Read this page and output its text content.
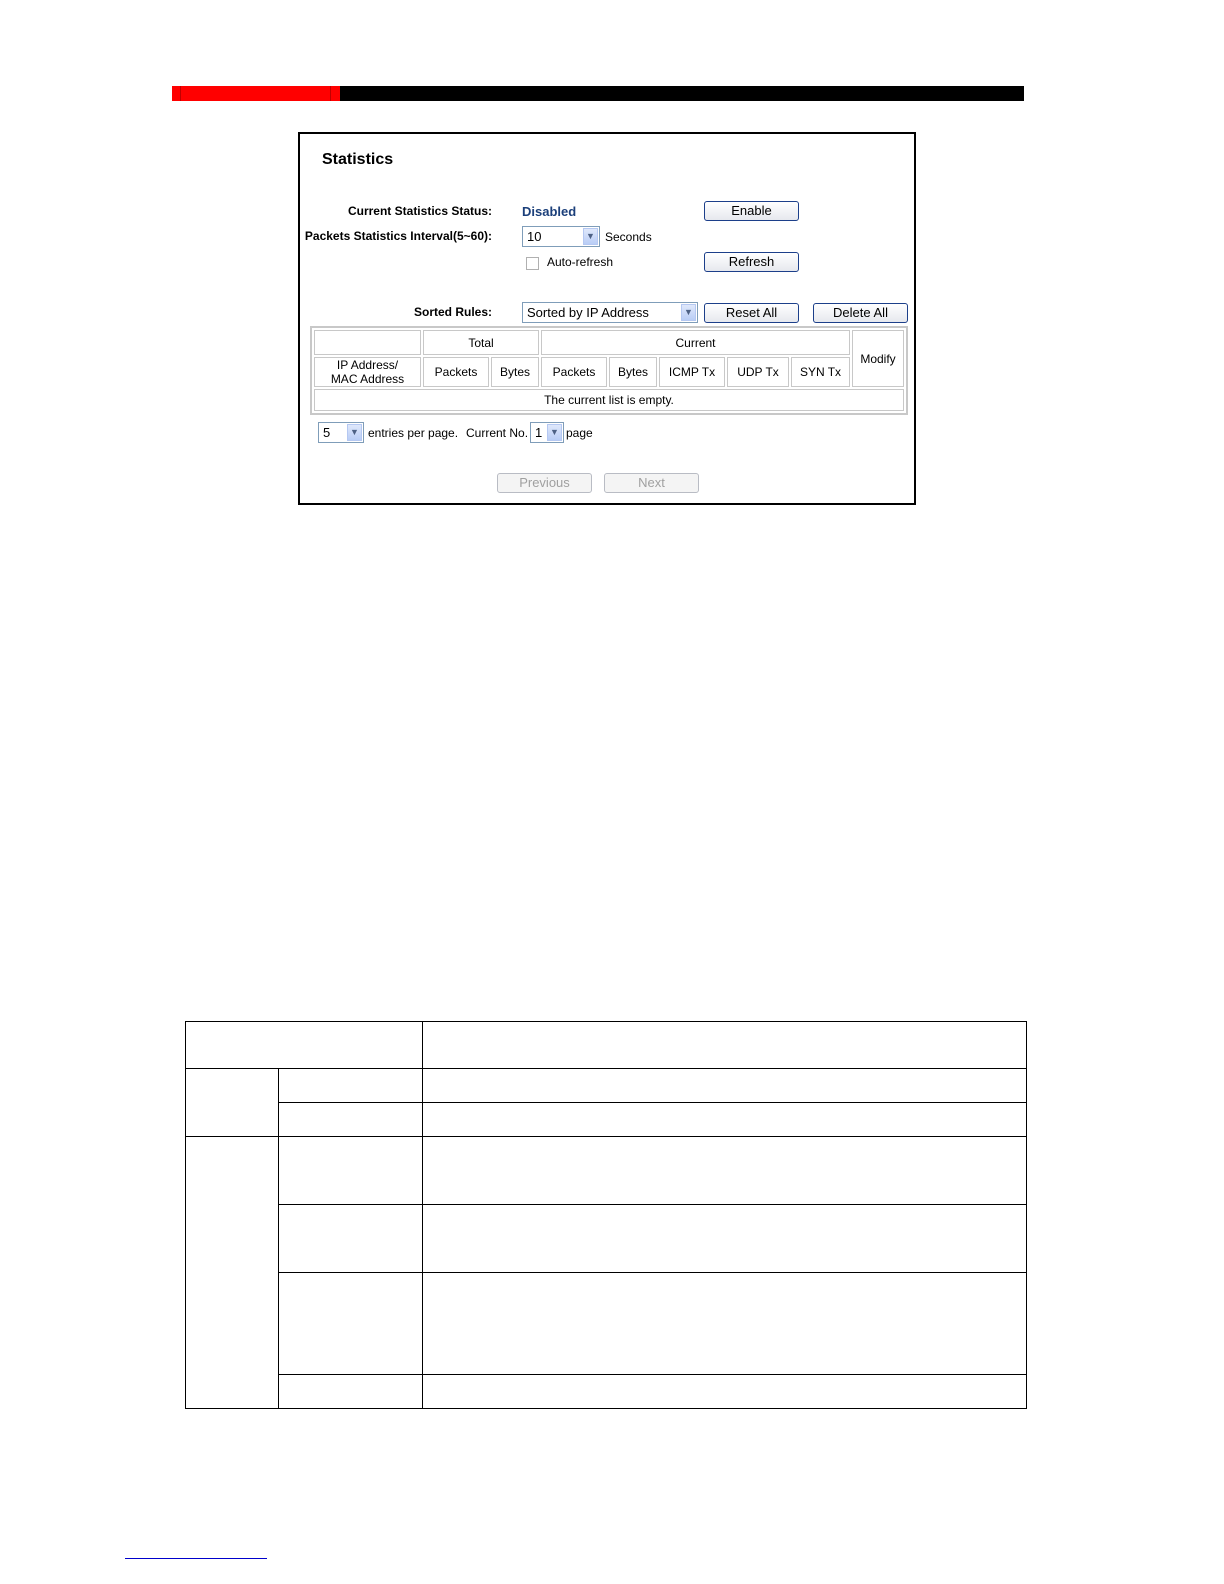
Statistics
Current Statistics Status: Disabled	Enable
Packets Statistics Interval(5~60):	10	▼ Seconds
Auto-refresh	Refresh
Sorted Rules:	Sorted by IP Address	▼	Reset All	Delete All
Total	Current
Modify
IP Address/
MAC Address	Packets	Bytes	Packets	Bytes	ICMP Tx	UDP Tx	SYN Tx
The current list is empty.
5	▼ entries per page. Current No. 1 ▼ page
Previous	Next
